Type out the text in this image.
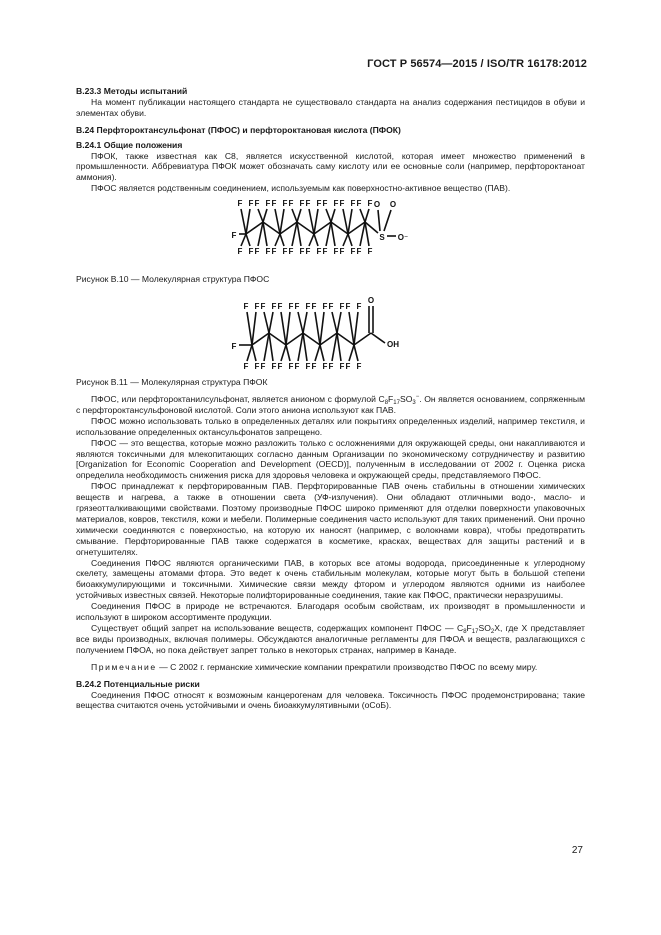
ГОСТ Р 56574—2015 / ISO/TR 16178:2012
В.23.3 Методы испытаний

На момент публикации настоящего стандарта не существовало стандарта на анализ содержания пестицидов в обуви и элементах обуви.

В.24 Перфтороктансульфонат (ПФОС) и перфтороктановая кислота (ПФОК)
В.24.1 Общие положения

ПФОК, также известная как C8, является искусственной кислотой, которая имеет множество применений в промышленности. Аббревиатура ПФОК может обозначать саму кислоту или ее основные соли (например, перфтороктанoат аммония).

ПФОС является родственным соединением, используемым как поверхностно-активное вещество (ПАВ).

F
F F
F F
F F
F F
F F
F F
F F
F F
F F
F F
F F
F F
F F
F F
F F
F F
S
O O
O⁻

Рисунок В.10 — Молекулярная структура ПФОС

F
F F
F F
F F
F F
F F
F F
F F
F F
F F
F F
F F
F F
F F
F F
O
OH

Рисунок В.11 — Молекулярная структура ПФОК

ПФОС, или перфтороктанилсульфонат, является анионом с формулой $C_8F_{17}SO_3^-$. Он является основанием, сопряженным с перфтороктансульфоновой кислотой. Соли этого аниона используют как ПАВ.

ПФОС можно использовать только в определенных деталях или покрытиях определенных изделий, например текстиля, и использование определенных октансульфонатов запрещено.

ПФОС — это вещества, которые можно разложить только с осложнениями для окружающей среды, они накапливаются и являются токсичными для млекопитающих согласно данным Организации по экономическому сотрудничеству и развитию [Organization for Economic Cooperation and Development (OECD)], полученным в исследовании от 2002 г. Оценка риска определила необходимость снижения риска для здоровья человека и окружающей среды, представляемого ПФОС.

ПФОС принадлежат к перфторированным ПАВ. Перфторированные ПАВ очень стабильны в отношении химических веществ и нагрева, а также в отношении света (УФ-излучения). Они обладают отличными водо-, масло- и грязеотталкивающими свойствами. Поэтому производные ПФОС широко применяют для отделки поверхности упаковочных материалов, ковров, текстиля, кожи и мебели. Полимерные соединения часто используют для таких применений. Они прочно химически соединяются с поверхностью, на которую их наносят (например, с волокнами ковра), чтобы предотвратить смывание. Перфторированные ПАВ также содержатся в косметике, красках, веществах для защиты растений и в огнетушителях.

Соединения ПФОС являются органическими ПАВ, в которых все атомы водорода, присоединенные к углеродному скелету, замещены атомами фтора. Это ведет к очень стабильным молекулам, которые могут быть в большой степени биоаккумулирующими и токсичными. Химические связи между фтором и углеродом являются одними из наиболее устойчивых известных связей. Некоторые полифторированные соединения, такие как ПФОС, практически неразрушимы.

Соединения ПФОС в природе не встречаются. Благодаря особым свойствам, их производят в промышленности и используют в широком ассортименте продукции.

Существует общий запрет на использование веществ, содержащих компонент ПФОС — $C_8F_{17}SO_2X$, где X представляет все виды производных, включая полимеры. Обсуждаются аналогичные регламенты для ПФОА и веществ, разлагающихся с получением ПФОА, но пока действует запрет только в некоторых странах, например в Канаде.

Примечание — С 2002 г. германские химические компании прекратили производство ПФОС по всему миру.

В.24.2 Потенциальные риски

Соединения ПФОС относят к возможным канцерогенам для человека. Токсичность ПФОС продемонстрирована; такие вещества считаются очень устойчивыми и очень биоаккумулятивными (оСоБ).

27
